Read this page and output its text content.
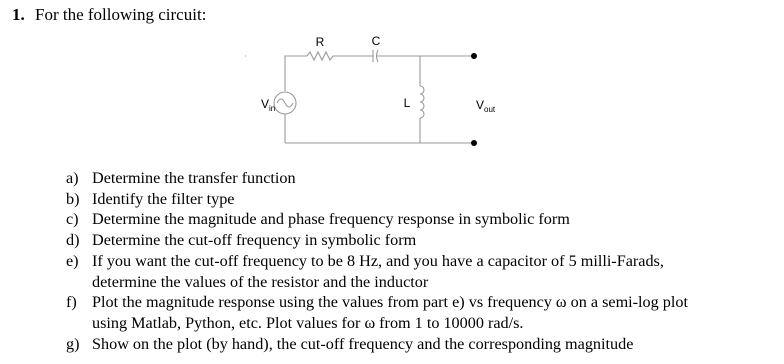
1. For the following circuit:
R	C
L
$V_{in}$	$V_{out}$
a) Determine the transfer function
b) Identify the filter type
c) Determine the magnitude and phase frequency response in symbolic form
d) Determine the cut-off frequency in symbolic form
e) If you want the cut-off frequency to be 8 Hz, and you have a capacitor of 5 milli-Farads,
determine the values of the resistor and the inductor
f) Plot the magnitude response using the values from part e) vs frequency ω on a semi-log plot
using Matlab, Python, etc. Plot values for ω from 1 to 10000 rad/s.
g) Show on the plot (by hand), the cut-off frequency and the corresponding magnitude
